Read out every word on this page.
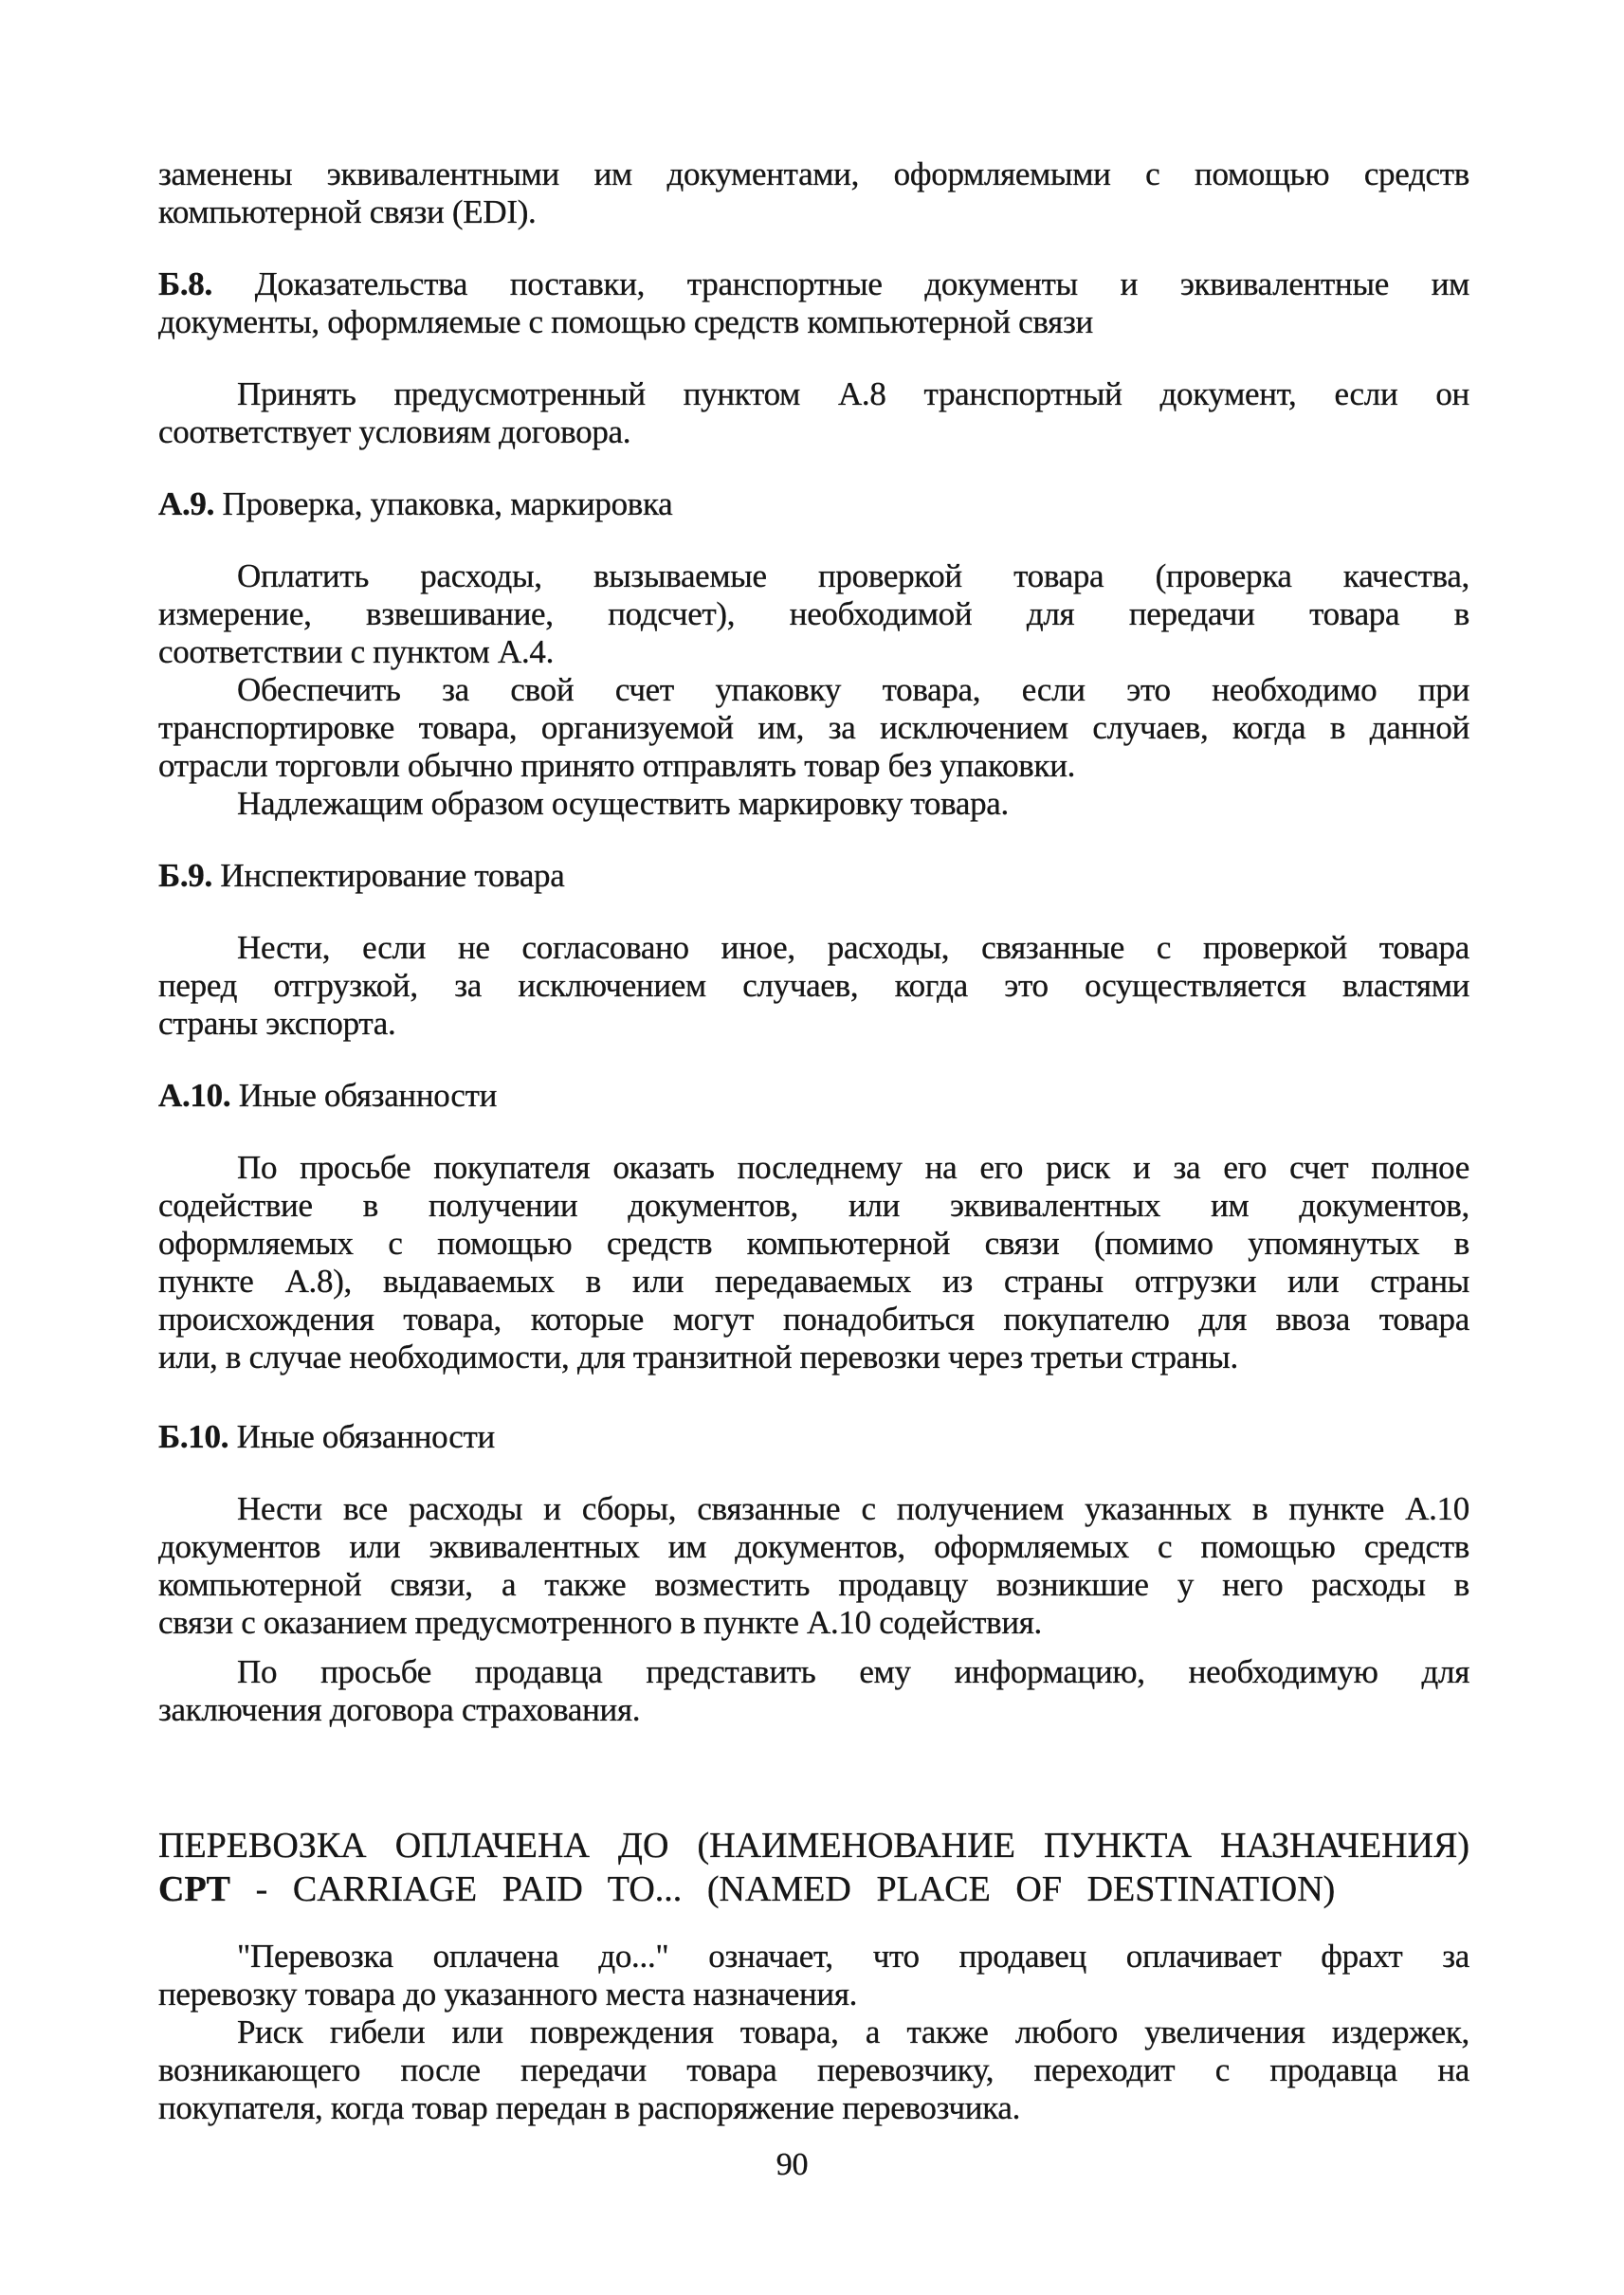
заменены эквивалентными им документами, оформляемыми с помощью средств
компьютерной связи (EDI).
Б.8. Доказательства поставки, транспортные документы и эквивалентные им
документы, оформляемые с помощью средств компьютерной связи
Принять предусмотренный пунктом А.8 транспортный документ, если он
соответствует условиям договора.
А.9. Проверка, упаковка, маркировка
Оплатить расходы, вызываемые проверкой товара (проверка качества,
измерение, взвешивание, подсчет), необходимой для передачи товара в
соответствии с пунктом А.4.
Обеспечить за свой счет упаковку товара, если это необходимо при
транспортировке товара, организуемой им, за исключением случаев, когда в данной
отрасли торговли обычно принято отправлять товар без упаковки.
Надлежащим образом осуществить маркировку товара.
Б.9. Инспектирование товара
Нести, если не согласовано иное, расходы, связанные с проверкой товара
перед отгрузкой, за исключением случаев, когда это осуществляется властями
страны экспорта.
А.10. Иные обязанности
По просьбе покупателя оказать последнему на его риск и за его счет полное
содействие в получении документов, или эквивалентных им документов,
оформляемых с помощью средств компьютерной связи (помимо упомянутых в
пункте А.8), выдаваемых в или передаваемых из страны отгрузки или страны
происхождения товара, которые могут понадобиться покупателю для ввоза товара
или, в случае необходимости, для транзитной перевозки через третьи страны.
Б.10. Иные обязанности
Нести все расходы и сборы, связанные с получением указанных в пункте А.10
документов или эквивалентных им документов, оформляемых с помощью средств
компьютерной связи, а также возместить продавцу возникшие у него расходы в
связи с оказанием предусмотренного в пункте А.10 содействия.
По просьбе продавца представить ему информацию, необходимую для
заключения договора страхования.
ПЕРЕВОЗКА ОПЛАЧЕНА ДО (НАИМЕНОВАНИЕ ПУНКТА НАЗНАЧЕНИЯ)
CPT - CARRIAGE PAID TO... (NAMED PLACE OF DESTINATION)
"Перевозка оплачена до..." означает, что продавец оплачивает фрахт за
перевозку товара до указанного места назначения.
Риск гибели или повреждения товара, а также любого увеличения издержек,
возникающего после передачи товара перевозчику, переходит с продавца на
покупателя, когда товар передан в распоряжение перевозчика.
90
